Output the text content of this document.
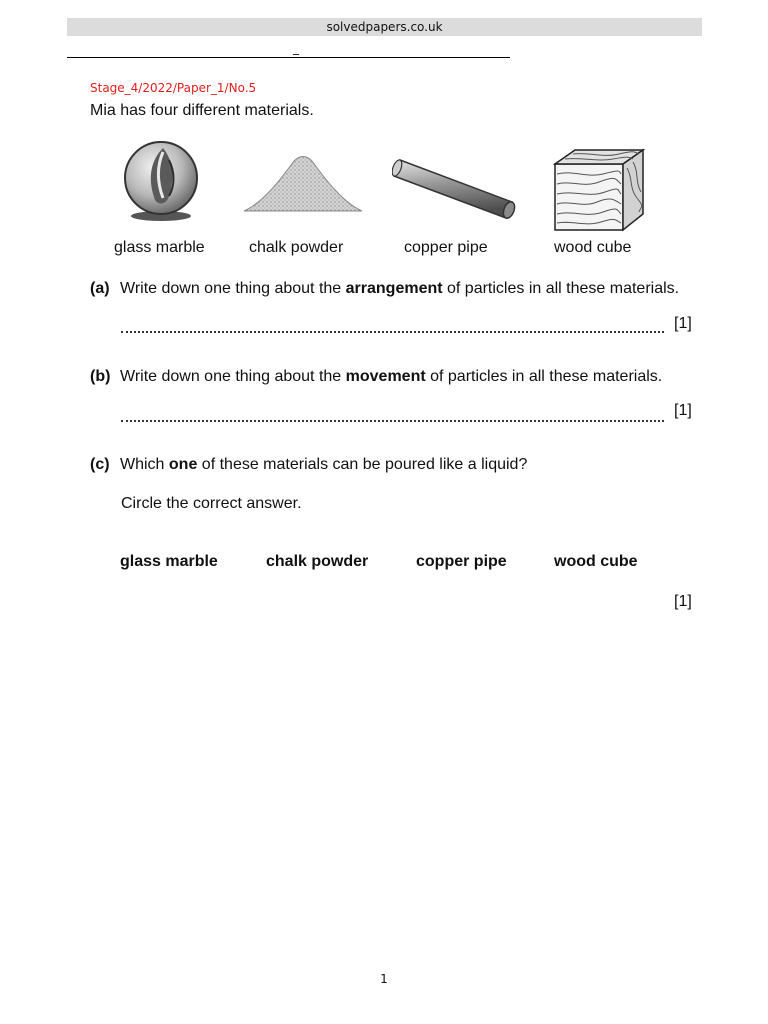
solvedpapers.co.uk
_
Stage_4/2022/Paper_1/No.5
Mia has four different materials.
glass marble	chalk powder	copper pipe	wood cube
(a) Write down one thing about the arrangement of particles in all these materials.
[1]
(b) Write down one thing about the movement of particles in all these materials.
[1]
(c) Which one of these materials can be poured like a liquid?
Circle the correct answer.
glass marble	chalk powder	copper pipe	wood cube
[1]
1
